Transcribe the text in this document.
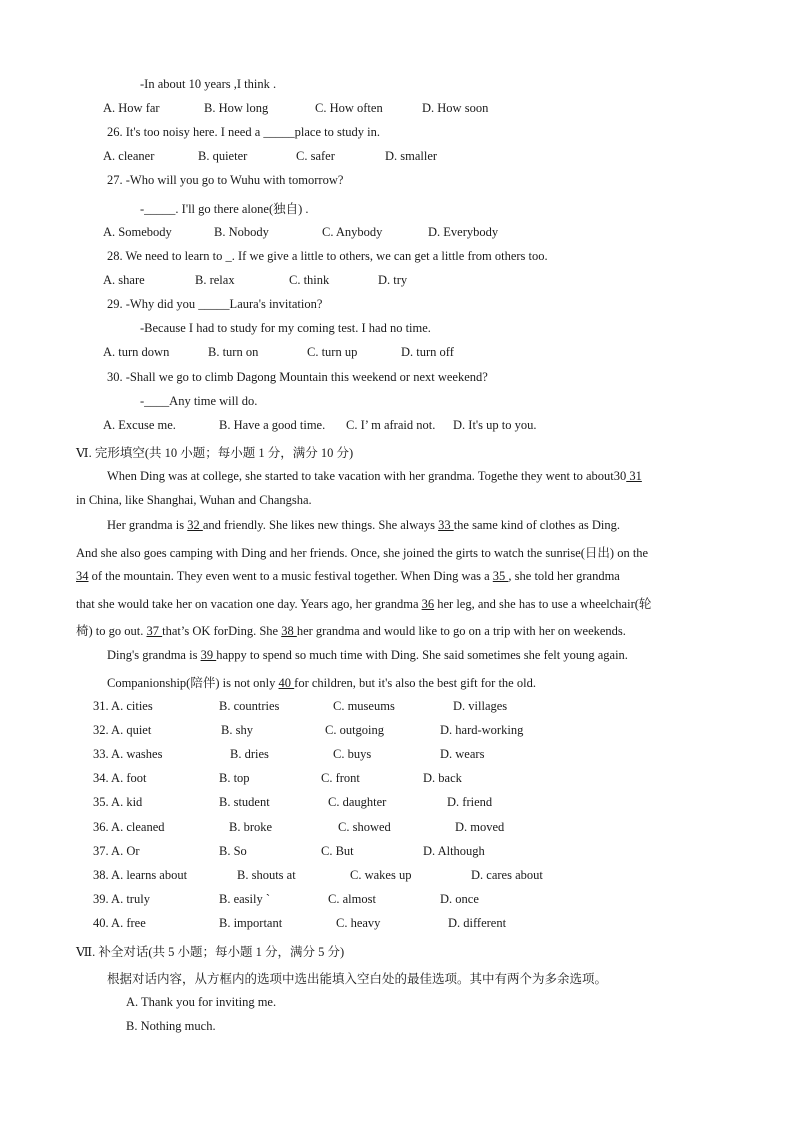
-In about 10 years ,I think .
A. How far	B. How long	C. How often	D. How soon
26. It's too noisy here. I need a _____place to study in.
A. cleaner	B. quieter	C. safer	D. smaller
27. -Who will you go to Wuhu with tomorrow?
-_____. I'll go there alone(独自) .
A. Somebody	B. Nobody	C. Anybody	D. Everybody
28. We need to learn to _. If we give a little to others, we can get a little from others too.
A. share	B. relax	C. think	D. try
29. -Why did you _____Laura's invitation?
-Because I had to study for my coming test. I had no time.
A. turn down	B. turn on	C. turn up	D. turn off
30. -Shall we go to climb Dagong Mountain this weekend or next weekend?
-____Any time will do.
A. Excuse me.	B. Have a good time. C. I’ m afraid not. D. It's up to you.
Ⅵ. 完形填空(共 10 小题；每小题 1 分，满分 10 分)
When Ding was at college, she started to take vacation with her grandma. Togethe they went to about30 31
in China, like Shanghai, Wuhan and Changsha.
Her grandma is 32 and friendly. She likes new things. She always 33 the same kind of clothes as Ding.
And she also goes camping with Ding and her friends. Once, she joined the girts to watch the sunrise(日出) on the
34 of the mountain. They even went to a music festival together. When Ding was a 35 , she told her grandma
that she would take her on vacation one day. Years ago, her grandma 36 her leg, and she has to use a wheelchair(轮
椅) to go out. 37 that’s OK forDing. She 38 her grandma and would like to go on a trip with her on weekends.
Ding's grandma is 39 happy to spend so much time with Ding. She said sometimes she felt young again.
Companionship(陪伴) is not only 40 for children, but it's also the best gift for the old.
31. A. cities	B. countries	C. museums	D. villages
32. A. quiet	B. shy	C. outgoing	D. hard-working
33. A. washes	B. dries	C. buys	D. wears
34. A. foot	B. top	C. front	D. back
35. A. kid	B. student	C. daughter	D. friend
36. A. cleaned	B. broke	C. showed	D. moved
37. A. Or	B. So	C. But	D. Although
38. A. learns about	B. shouts at	C. wakes up	D. cares about
39. A. truly	B. easily `	C. almost	D. once
40. A. free	B. important	C. heavy	D. different
Ⅶ. 补全对话(共 5 小题；每小题 1 分，满分 5 分)
根据对话内容，从方框内的选项中选出能填入空白处的最佳选项。其中有两个为多余选项。
A. Thank you for inviting me.
B. Nothing much.
